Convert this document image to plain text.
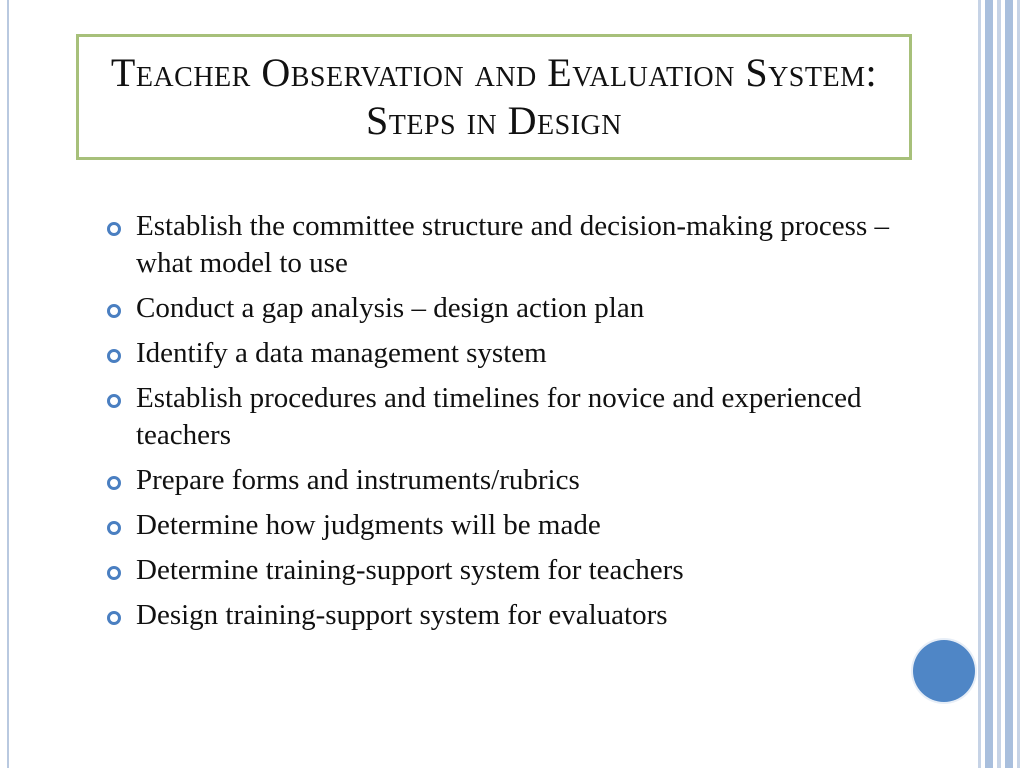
Teacher Observation and Evaluation System: Steps in Design
Establish the committee structure and decision-making process – what model to use
Conduct a gap analysis – design action plan
Identify a data management system
Establish procedures and timelines for novice and experienced teachers
Prepare forms and instruments/rubrics
Determine how judgments will be made
Determine training-support system for teachers
Design training-support system for evaluators
